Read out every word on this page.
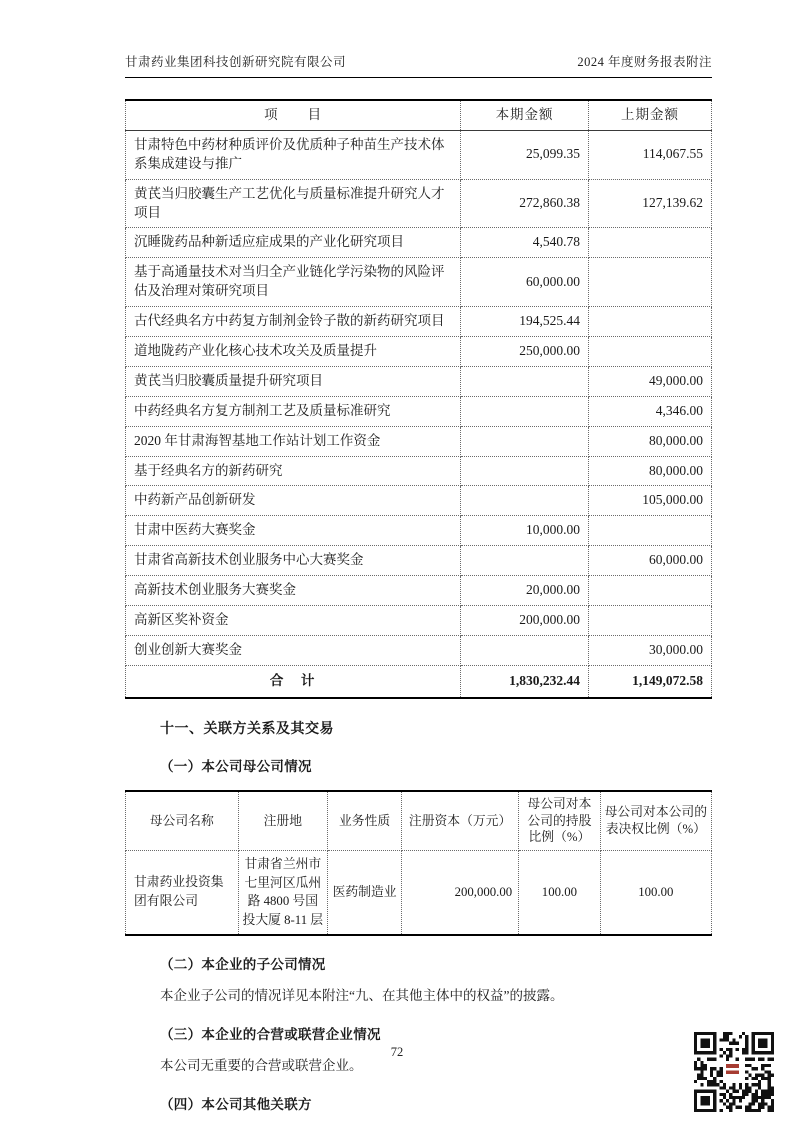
甘肃药业集团科技创新研究院有限公司	2024 年度财务报表附注
项　　目	本期金额	上期金额
甘肃特色中药材种质评价及优质种子种苗生产技术体系集成建设与推广	25,099.35	114,067.55
黄芪当归胶囊生产工艺优化与质量标准提升研究人才项目	272,860.38	127,139.62
沉睡陇药品种新适应症成果的产业化研究项目	4,540.78	
基于高通量技术对当归全产业链化学污染物的风险评估及治理对策研究项目	60,000.00	
古代经典名方中药复方制剂金铃子散的新药研究项目	194,525.44	
道地陇药产业化核心技术攻关及质量提升	250,000.00	
黄芪当归胶囊质量提升研究项目		49,000.00
中药经典名方复方制剂工艺及质量标准研究		4,346.00
2020 年甘肃海智基地工作站计划工作资金		80,000.00
基于经典名方的新药研究		80,000.00
中药新产品创新研发		105,000.00
甘肃中医药大赛奖金	10,000.00	
甘肃省高新技术创业服务中心大赛奖金		60,000.00
高新技术创业服务大赛奖金	20,000.00	
高新区奖补资金	200,000.00	
创业创新大赛奖金		30,000.00
合　计	1,830,232.44	1,149,072.58
十一、关联方关系及其交易
（一）本公司母公司情况
母公司名称	注册地	业务性质	注册资本（万元）	母公司对本公司的持股比例（%）	母公司对本公司的表决权比例（%）
甘肃药业投资集团有限公司	甘肃省兰州市七里河区瓜州路 4800 号国投大厦 8-11 层	医药制造业	200,000.00	100.00	100.00
（二）本企业的子公司情况
本企业子公司的情况详见本附注“九、在其他主体中的权益”的披露。
（三）本企业的合营或联营企业情况
本公司无重要的合营或联营企业。
（四）本公司其他关联方
72
